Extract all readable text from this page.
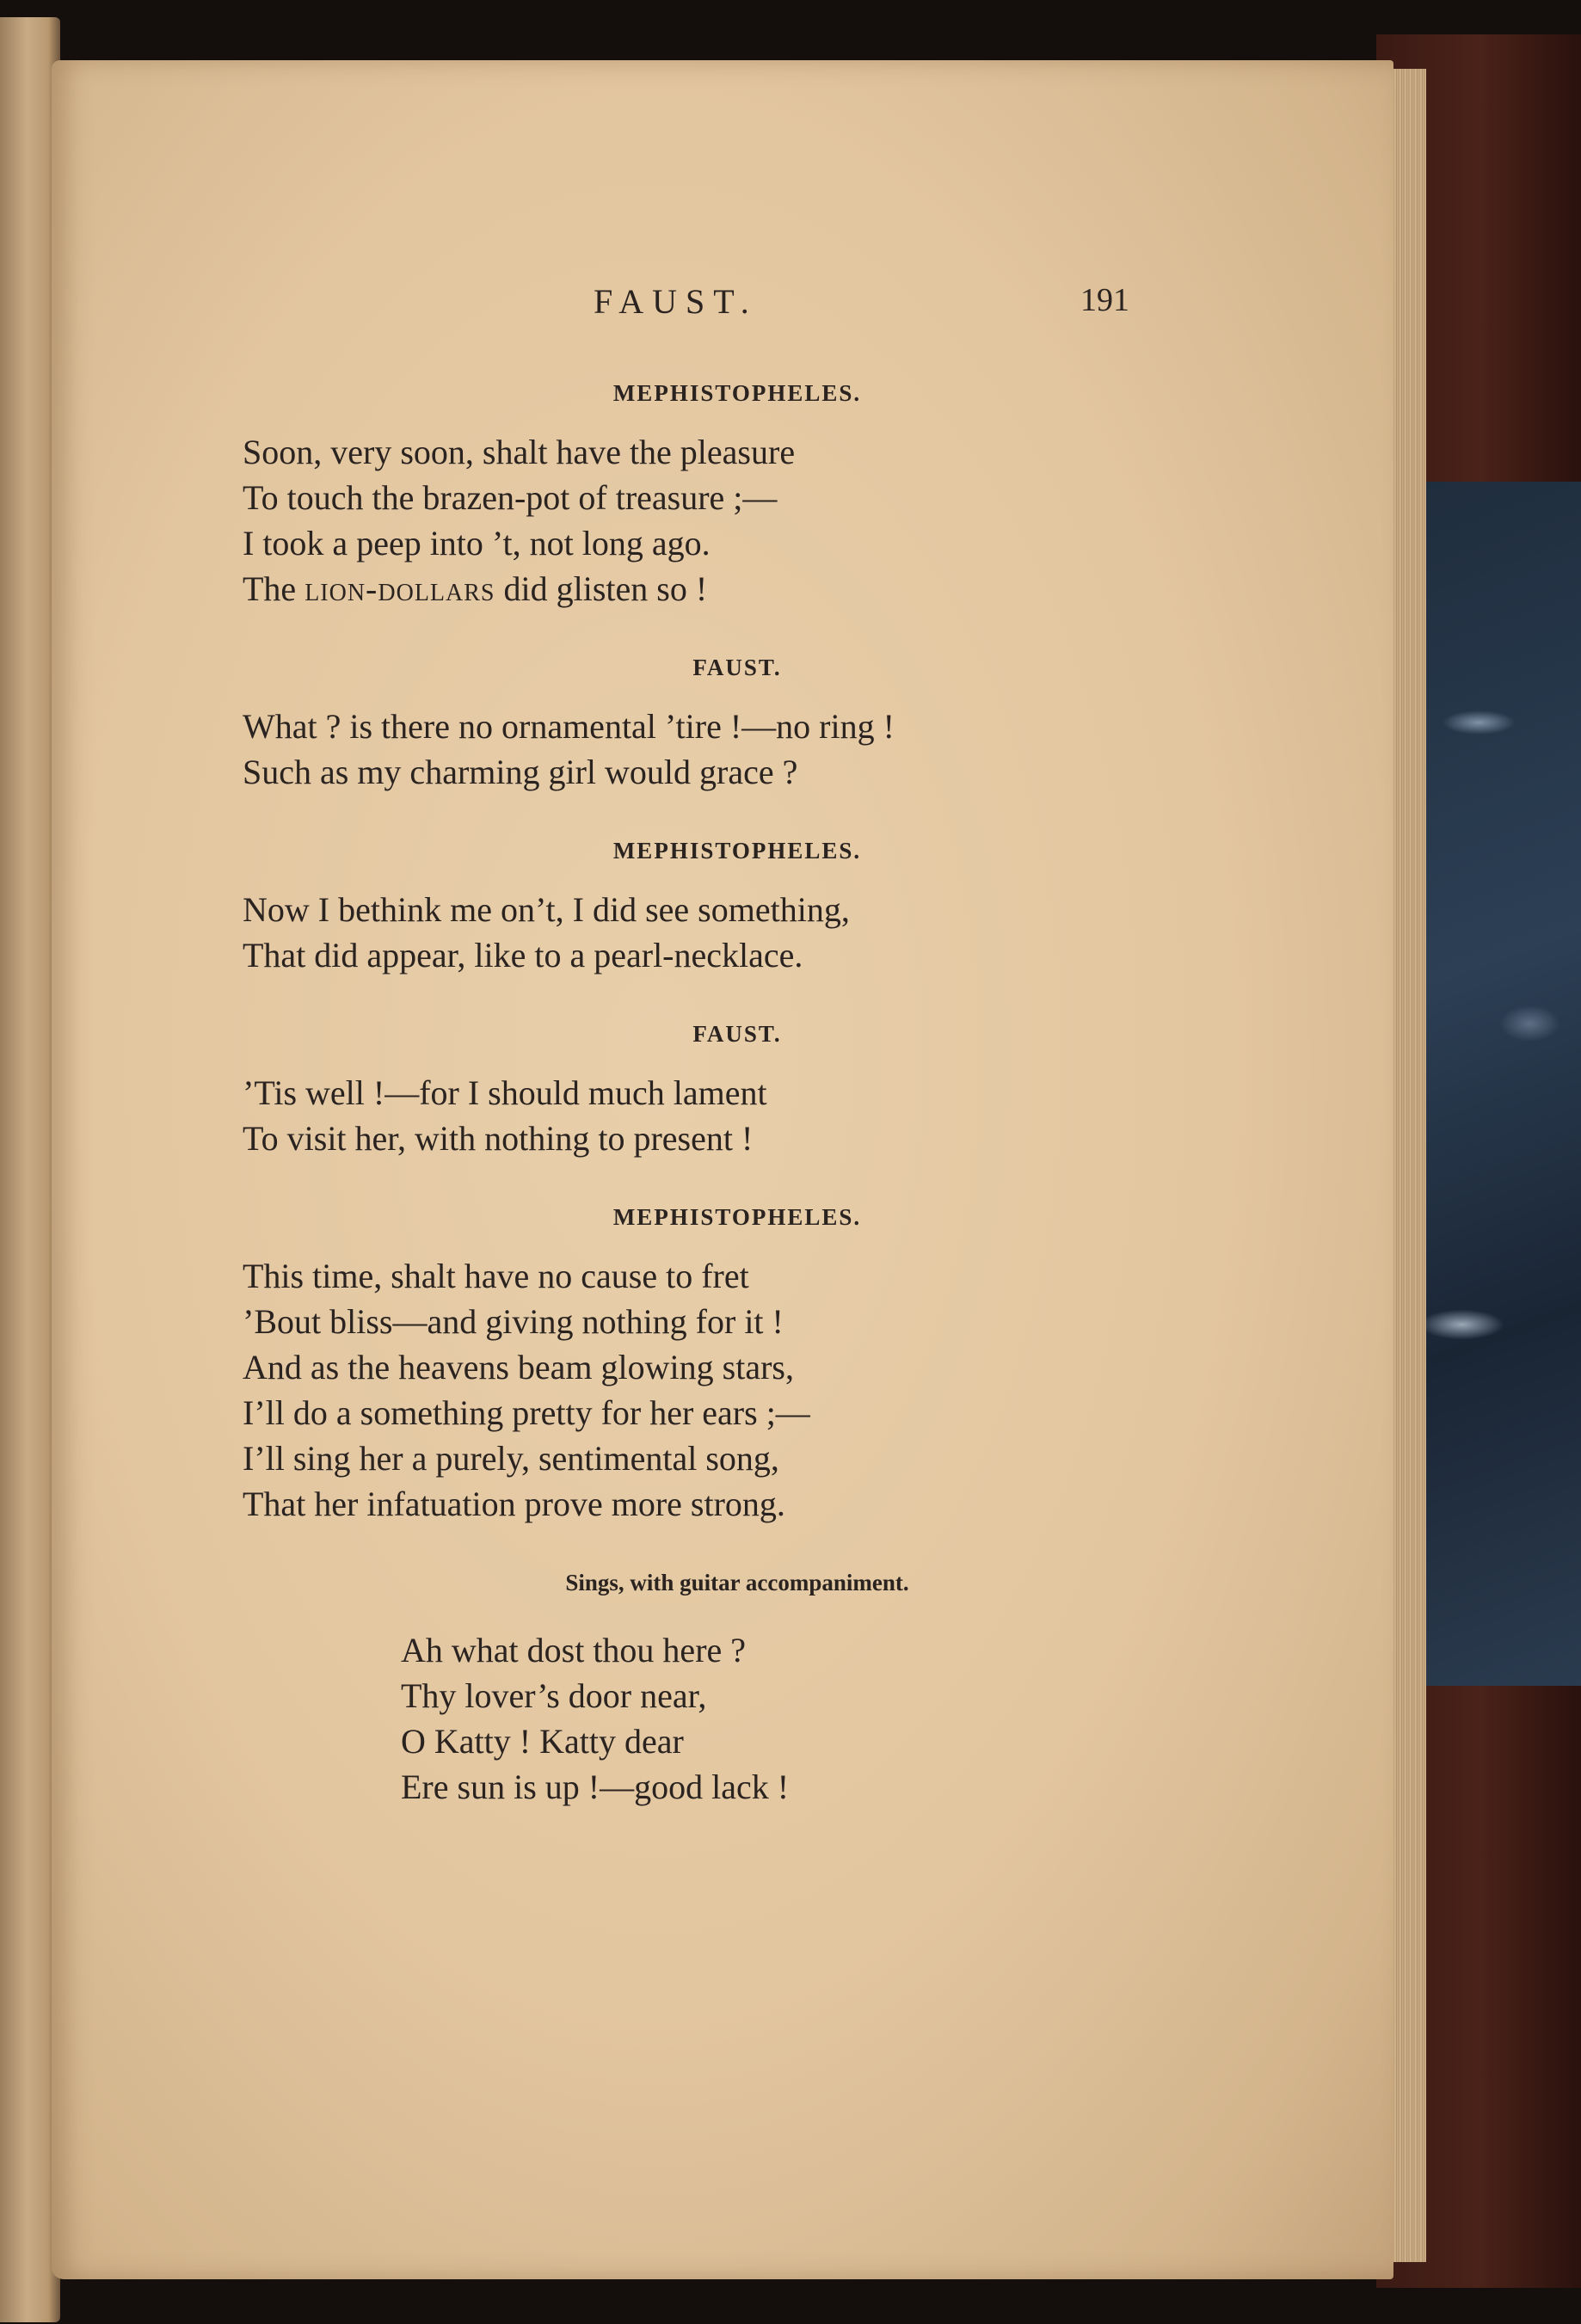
FAUST.	191
MEPHISTOPHELES.
Soon, very soon, shalt have the pleasure
To touch the brazen-pot of treasure ;—
I took a peep into ’t, not long ago.
The lion-dollars did glisten so !
FAUST.
What ? is there no ornamental ’tire !—no ring !
Such as my charming girl would grace ?
MEPHISTOPHELES.
Now I bethink me on’t, I did see something,
That did appear, like to a pearl-necklace.
FAUST.
’Tis well !—for I should much lament
To visit her, with nothing to present !
MEPHISTOPHELES.
This time, shalt have no cause to fret
’Bout bliss—and giving nothing for it !
And as the heavens beam glowing stars,
I’ll do a something pretty for her ears ;—
I’ll sing her a purely, sentimental song,
That her infatuation prove more strong.
Sings, with guitar accompaniment.
Ah what dost thou here ?
Thy lover’s door near,
O Katty ! Katty dear
Ere sun is up !—good lack !
